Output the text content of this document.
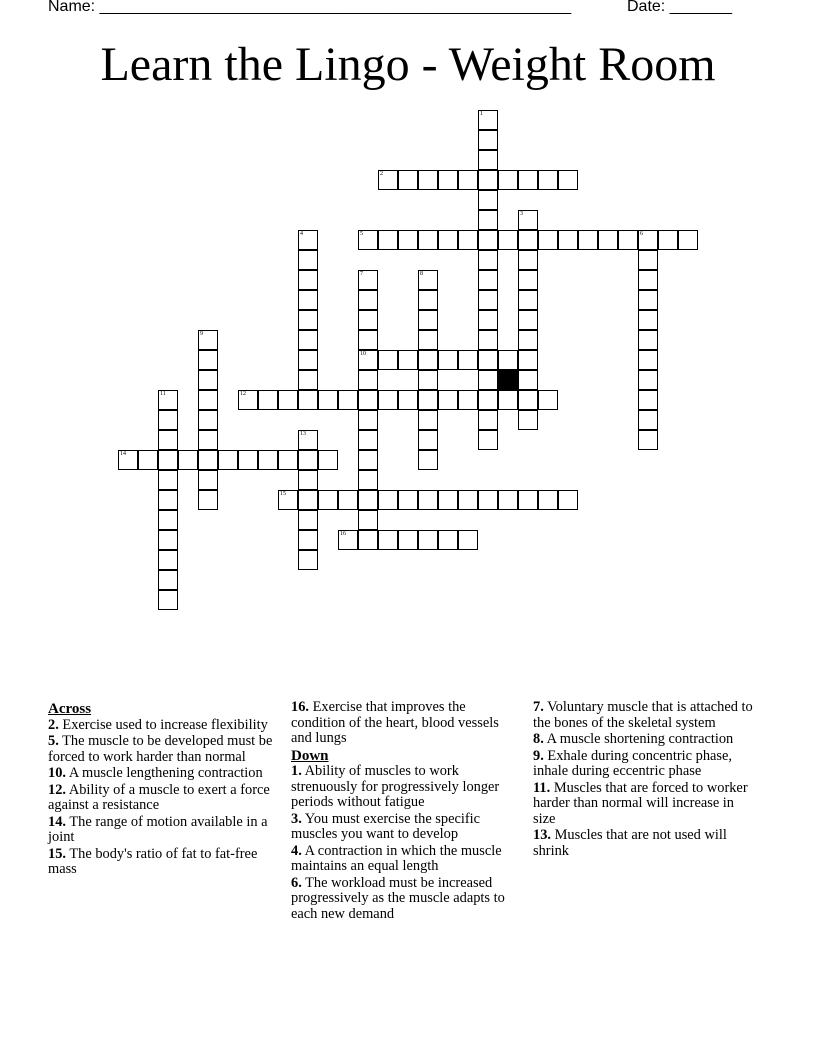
Name: _____________________________________________________	Date: _______
Learn the Lingo - Weight Room
1
2
3
4	5	6
7
10
8
9
11	12
13
14
15
16
Across
2. Exercise used to increase flexibility
5. The muscle to be developed must be forced to work harder than normal
10. A muscle lengthening contraction
12. Ability of a muscle to exert a force against a resistance
14. The range of motion available in a joint
15. The body's ratio of fat to fat-free mass
16. Exercise that improves the condition of the heart, blood vessels and lungs
Down
1. Ability of muscles to work strenuously for progressively longer periods without fatigue
3. You must exercise the specific muscles you want to develop
4. A contraction in which the muscle maintains an equal length
6. The workload must be increased progressively as the muscle adapts to each new demand
7. Voluntary muscle that is attached to the bones of the skeletal system
8. A muscle shortening contraction
9. Exhale during concentric phase, inhale during eccentric phase
11. Muscles that are forced to worker harder than normal will increase in size
13. Muscles that are not used will shrink
